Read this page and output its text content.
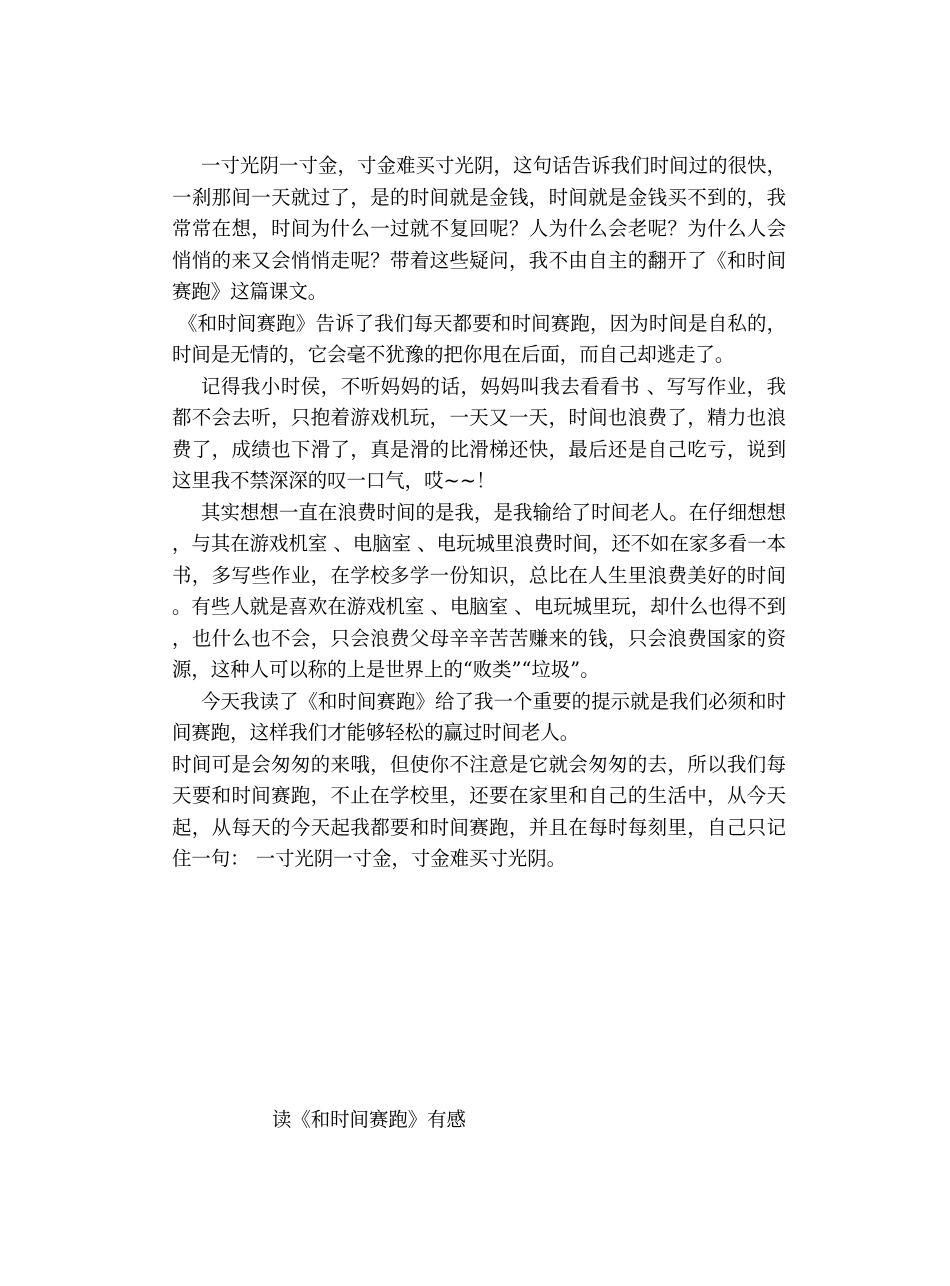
一寸光阴一寸金，寸金难买寸光阴，这句话告诉我们时间过的很快，一刹那间一天就过了，是的时间就是金钱，时间就是金钱买不到的，我常常在想，时间为什么一过就不复回呢？人为什么会老呢？为什么人会悄悄的来又会悄悄走呢？带着这些疑问，我不由自主的翻开了《和时间赛跑》这篇课文。

《和时间赛跑》告诉了我们每天都要和时间赛跑，因为时间是自私的，时间是无情的，它会毫不犹豫的把你甩在后面，而自己却逃走了。

记得我小时侯，不听妈妈的话，妈妈叫我去看看书 、写写作业，我都不会去听，只抱着游戏机玩，一天又一天，时间也浪费了，精力也浪费了，成绩也下滑了，真是滑的比滑梯还快，最后还是自己吃亏，说到这里我不禁深深的叹一口气，哎~~！

其实想想一直在浪费时间的是我，是我输给了时间老人。在仔细想想，与其在游戏机室 、电脑室 、电玩城里浪费时间，还不如在家多看一本书，多写些作业，在学校多学一份知识，总比在人生里浪费美好的时间。有些人就是喜欢在游戏机室 、电脑室 、电玩城里玩，却什么也得不到，也什么也不会，只会浪费父母辛辛苦苦赚来的钱，只会浪费国家的资源，这种人可以称的上是世界上的“败类”“垃圾”。

今天我读了《和时间赛跑》给了我一个重要的提示就是我们必须和时间赛跑，这样我们才能够轻松的赢过时间老人。

时间可是会匆匆的来哦，但使你不注意是它就会匆匆的去，所以我们每天要和时间赛跑，不止在学校里，还要在家里和自己的生活中，从今天起，从每天的今天起我都要和时间赛跑，并且在每时每刻里，自己只记住一句： 一寸光阴一寸金，寸金难买寸光阴。

读《和时间赛跑》有感
